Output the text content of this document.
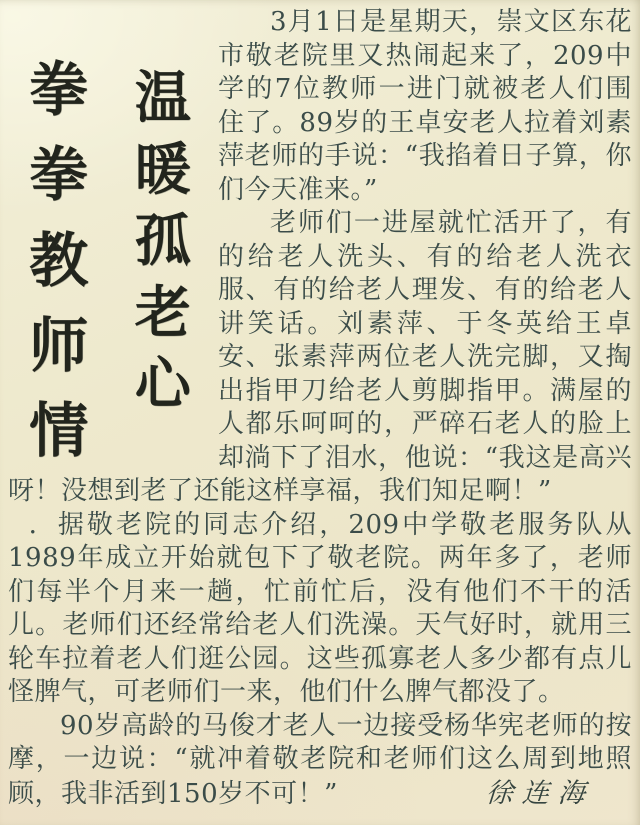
拳
拳
教
师
情
温
暖
孤
老
心

3月1日是星期天，崇文区东花市敬老院里又热闹起来了，209中学的7位教师一进门就被老人们围住了。89岁的王卓安老人拉着刘素萍老师的手说：“我掐着日子算，你们今天准来。”

老师们一进屋就忙活开了，有的给老人洗头、有的给老人洗衣服、有的给老人理发、有的给老人讲笑话。刘素萍、于冬英给王卓安、张素萍两位老人洗完脚，又掏出指甲刀给老人剪脚指甲。满屋的人都乐呵呵的，严碎石老人的脸上却淌下了泪水，他说：“我这是高兴呀！没想到老了还能这样享福，我们知足啊！”

．据敬老院的同志介绍，209中学敬老服务队从1989年成立开始就包下了敬老院。两年多了，老师们每半个月来一趟，忙前忙后，没有他们不干的活儿。老师们还经常给老人们洗澡。天气好时，就用三轮车拉着老人们逛公园。这些孤寡老人多少都有点儿怪脾气，可老师们一来，他们什么脾气都没了。

90岁高龄的马俊才老人一边接受杨华宪老师的按摩，一边说：“就冲着敬老院和老师们这么周到地照顾，我非活到150岁不可！”	徐连海
